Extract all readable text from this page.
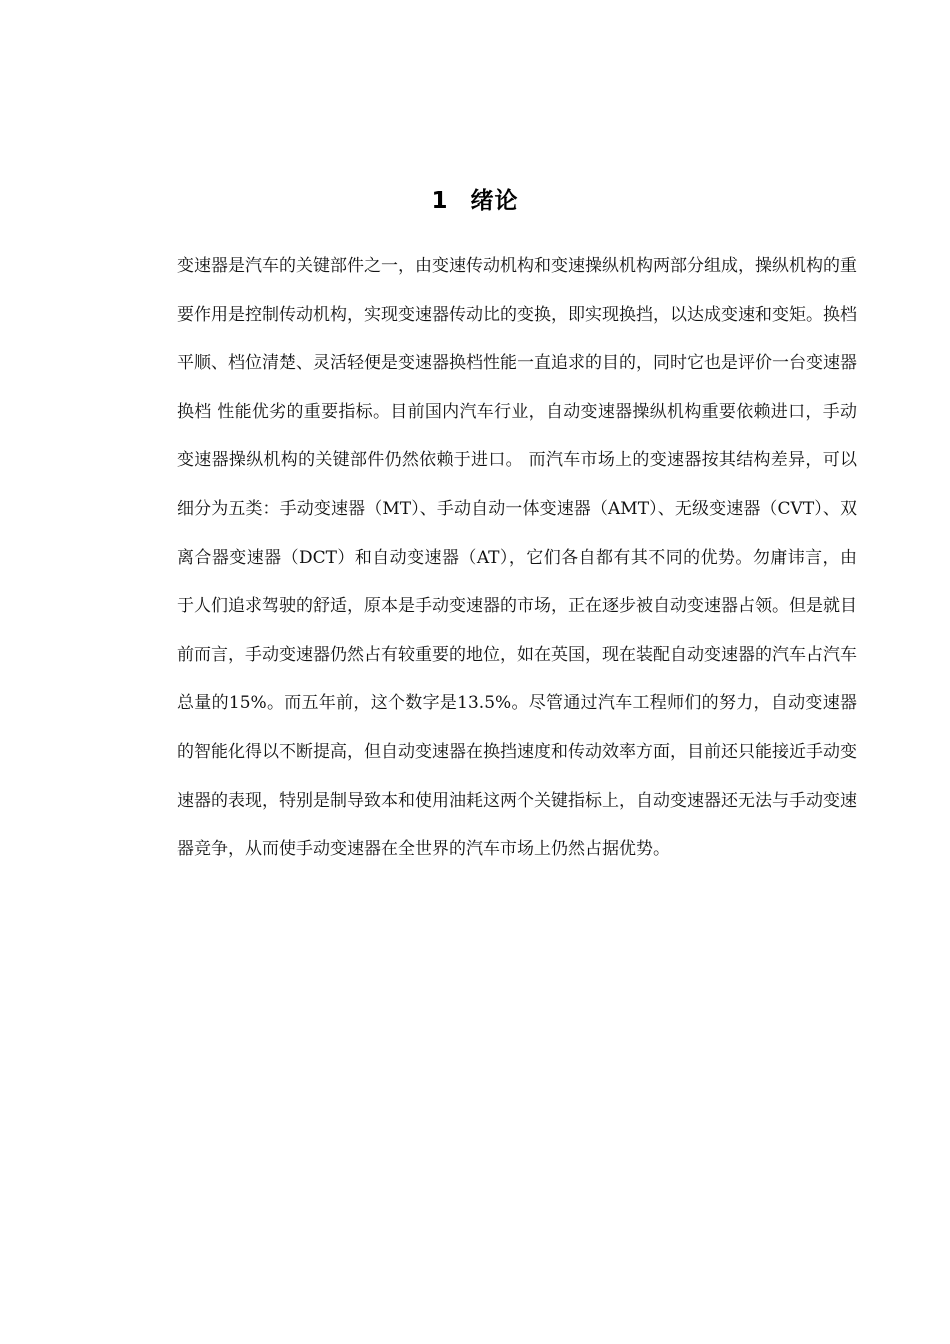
1 绪论

变速器是汽车的关键部件之一，由变速传动机构和变速操纵机构两部分组成，操纵机构的重要作用是控制传动机构，实现变速器传动比的变换，即实现换挡，以达成变速和变矩。换档平顺、档位清楚、灵活轻便是变速器换档性能一直追求的目的，同时它也是评价一台变速器换档 性能优劣的重要指标。目前国内汽车行业，自动变速器操纵机构重要依赖进口，手动变速器操纵机构的关键部件仍然依赖于进口。 而汽车市场上的变速器按其结构差异，可以细分为五类：手动变速器（MT）、手动自动一体变速器（AMT）、无级变速器（CVT）、双离合器变速器（DCT）和自动变速器（AT），它们各自都有其不同的优势。勿庸讳言，由于人们追求驾驶的舒适，原本是手动变速器的市场，正在逐步被自动变速器占领。但是就目前而言，手动变速器仍然占有较重要的地位，如在英国，现在装配自动变速器的汽车占汽车总量的15%。而五年前，这个数字是13.5%。尽管通过汽车工程师们的努力，自动变速器的智能化得以不断提高，但自动变速器在换挡速度和传动效率方面，目前还只能接近手动变速器的表现，特别是制导致本和使用油耗这两个关键指标上，自动变速器还无法与手动变速器竞争，从而使手动变速器在全世界的汽车市场上仍然占据优势。
